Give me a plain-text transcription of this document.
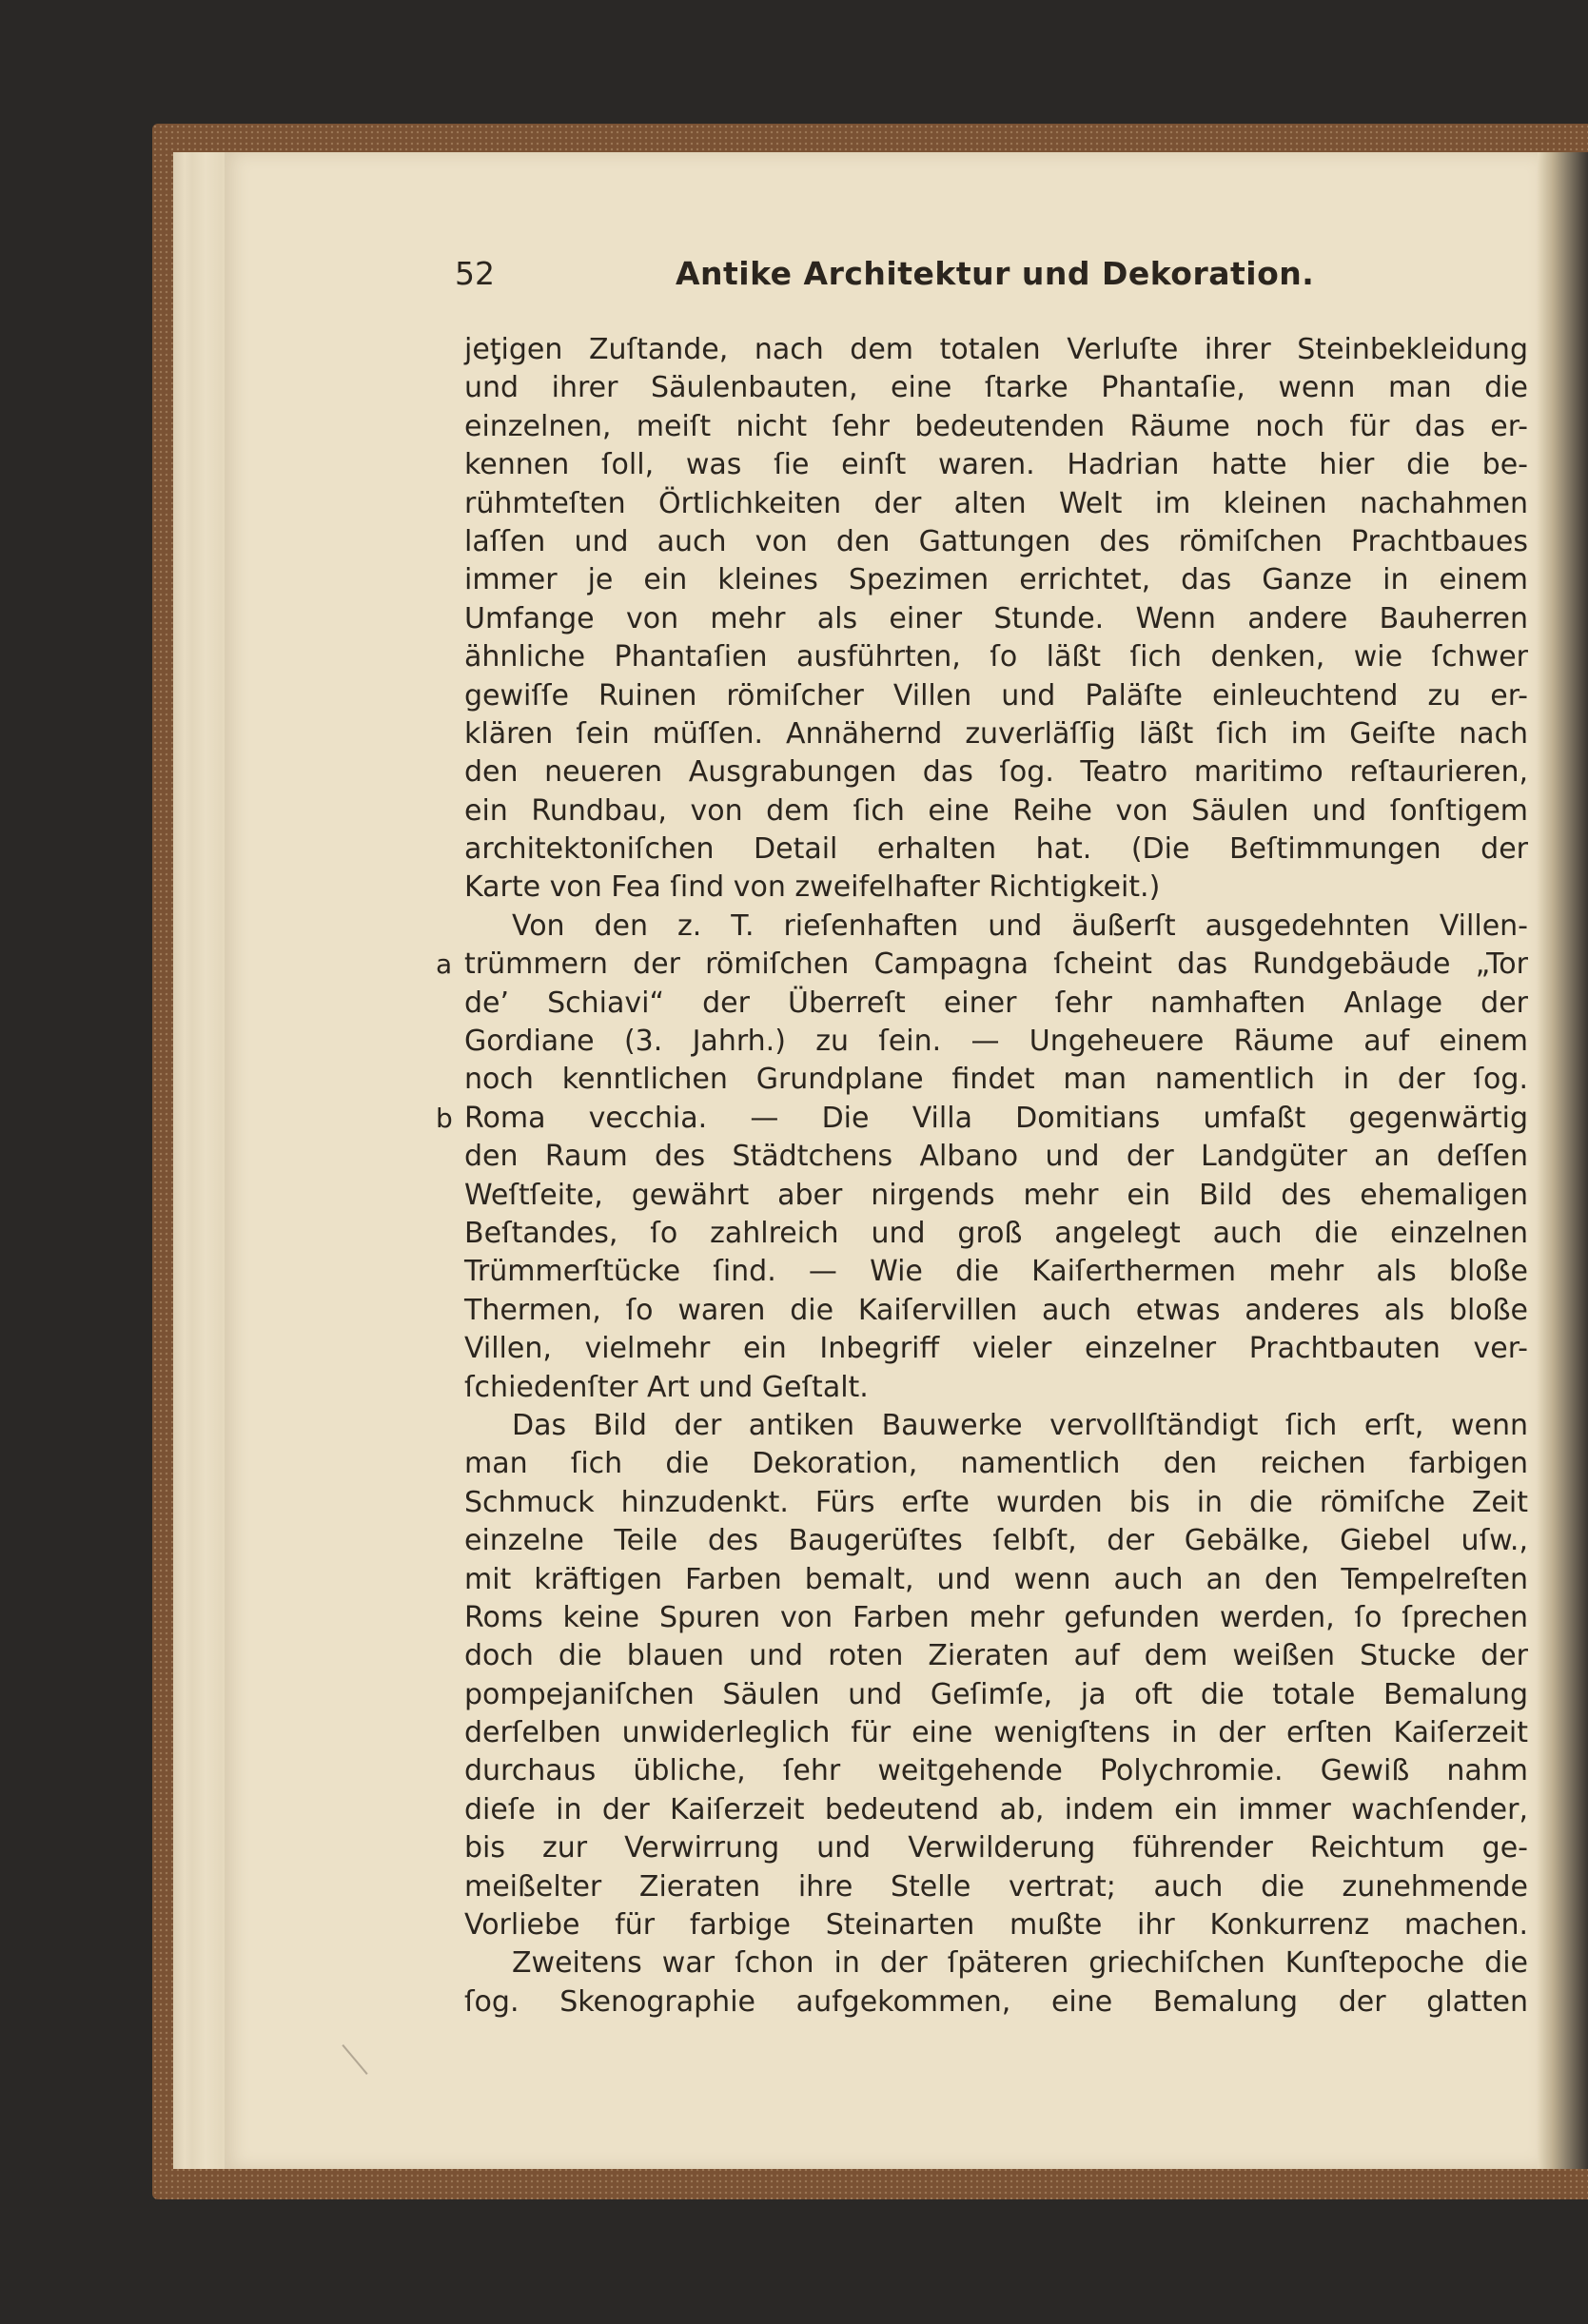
52	Antike Architektur und Dekoration.
jeƫigen Zuſtande, nach dem totalen Verluſte ihrer Steinbekleidung
und ihrer Säulenbauten, eine ſtarke Phantaſie, wenn man die
einzelnen, meiſt nicht ſehr bedeutenden Räume noch für das er-
kennen ſoll, was ſie einſt waren. Hadrian hatte hier die be-
rühmteſten Örtlichkeiten der alten Welt im kleinen nachahmen
laſſen und auch von den Gattungen des römiſchen Prachtbaues
immer je ein kleines Spezimen errichtet, das Ganze in einem
Umfange von mehr als einer Stunde. Wenn andere Bauherren
ähnliche Phantaſien ausführten, ſo läßt ſich denken, wie ſchwer
gewiſſe Ruinen römiſcher Villen und Paläſte einleuchtend zu er-
klären ſein müſſen. Annähernd zuverläſſig läßt ſich im Geiſte nach
den neueren Ausgrabungen das ſog. Teatro maritimo reſtaurieren,
ein Rundbau, von dem ſich eine Reihe von Säulen und ſonſtigem
architektoniſchen Detail erhalten hat. (Die Beſtimmungen der
Karte von Fea ſind von zweifelhafter Richtigkeit.)
Von den z. T. rieſenhaften und äußerſt ausgedehnten Villen-
a trümmern der römiſchen Campagna ſcheint das Rundgebäude „Tor
de’ Schiavi“ der Überreſt einer ſehr namhaften Anlage der
Gordiane (3. Jahrh.) zu ſein. — Ungeheuere Räume auf einem
noch kenntlichen Grundplane findet man namentlich in der ſog.
b Roma vecchia. — Die Villa Domitians umfaßt gegenwärtig
den Raum des Städtchens Albano und der Landgüter an deſſen
Weſtſeite, gewährt aber nirgends mehr ein Bild des ehemaligen
Beſtandes, ſo zahlreich und groß angelegt auch die einzelnen
Trümmerſtücke ſind. — Wie die Kaiſerthermen mehr als bloße
Thermen, ſo waren die Kaiſervillen auch etwas anderes als bloße
Villen, vielmehr ein Inbegriff vieler einzelner Prachtbauten ver-
ſchiedenſter Art und Geſtalt.
Das Bild der antiken Bauwerke vervollſtändigt ſich erſt, wenn
man ſich die Dekoration, namentlich den reichen farbigen
Schmuck hinzudenkt. Fürs erſte wurden bis in die römiſche Zeit
einzelne Teile des Baugerüſtes ſelbſt, der Gebälke, Giebel uſw.,
mit kräftigen Farben bemalt, und wenn auch an den Tempelreſten
Roms keine Spuren von Farben mehr gefunden werden, ſo ſprechen
doch die blauen und roten Zieraten auf dem weißen Stucke der
pompejaniſchen Säulen und Geſimſe, ja oft die totale Bemalung
derſelben unwiderleglich für eine wenigſtens in der erſten Kaiſerzeit
durchaus übliche, ſehr weitgehende Polychromie. Gewiß nahm
dieſe in der Kaiſerzeit bedeutend ab, indem ein immer wachſender,
bis zur Verwirrung und Verwilderung führender Reichtum ge-
meißelter Zieraten ihre Stelle vertrat; auch die zunehmende
Vorliebe für farbige Steinarten mußte ihr Konkurrenz machen.
Zweitens war ſchon in der ſpäteren griechiſchen Kunſtepoche die
ſog. Skenographie aufgekommen, eine Bemalung der glatten
